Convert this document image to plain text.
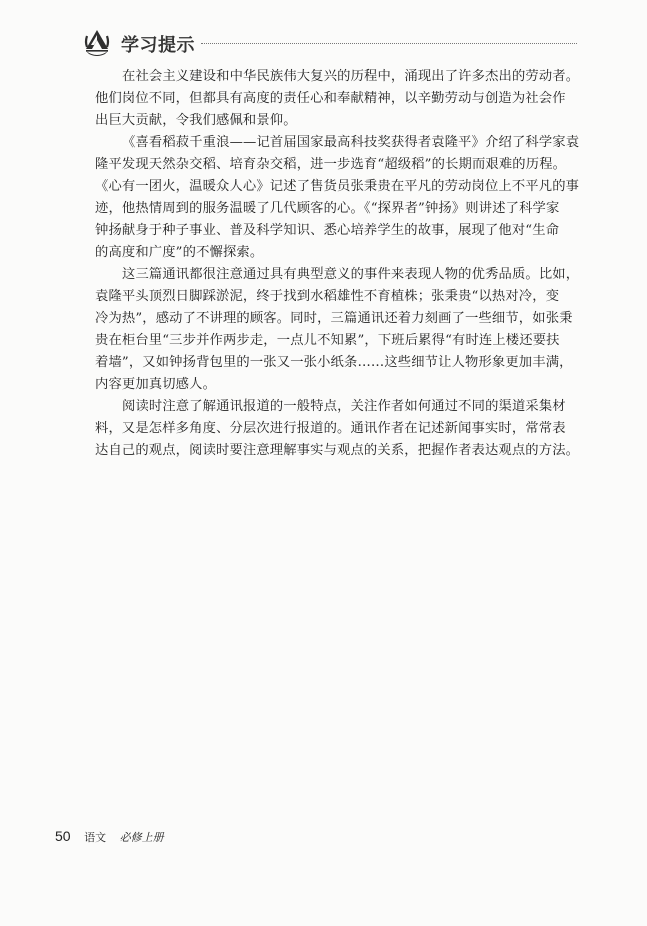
学习提示
在社会主义建设和中华民族伟大复兴的历程中，涌现出了许多杰出的劳动者。
他们岗位不同，但都具有高度的责任心和奉献精神，以辛勤劳动与创造为社会作
出巨大贡献，令我们感佩和景仰。
《喜看稻菽千重浪——记首届国家最高科技奖获得者袁隆平》介绍了科学家袁
隆平发现天然杂交稻、培育杂交稻，进一步选育“超级稻”的长期而艰难的历程。
《心有一团火，温暖众人心》记述了售货员张秉贵在平凡的劳动岗位上不平凡的事
迹，他热情周到的服务温暖了几代顾客的心。《“探界者”钟扬》则讲述了科学家
钟扬献身于种子事业、普及科学知识、悉心培养学生的故事，展现了他对“生命
的高度和广度”的不懈探索。
这三篇通讯都很注意通过具有典型意义的事件来表现人物的优秀品质。比如，
袁隆平头顶烈日脚踩淤泥，终于找到水稻雄性不育植株；张秉贵“以热对冷，变
冷为热”，感动了不讲理的顾客。同时，三篇通讯还着力刻画了一些细节，如张秉
贵在柜台里“三步并作两步走，一点儿不知累”，下班后累得“有时连上楼还要扶
着墙”，又如钟扬背包里的一张又一张小纸条……这些细节让人物形象更加丰满，
内容更加真切感人。
阅读时注意了解通讯报道的一般特点，关注作者如何通过不同的渠道采集材
料，又是怎样多角度、分层次进行报道的。通讯作者在记述新闻事实时，常常表
达自己的观点，阅读时要注意理解事实与观点的关系，把握作者表达观点的方法。
50 语文 必修上册
